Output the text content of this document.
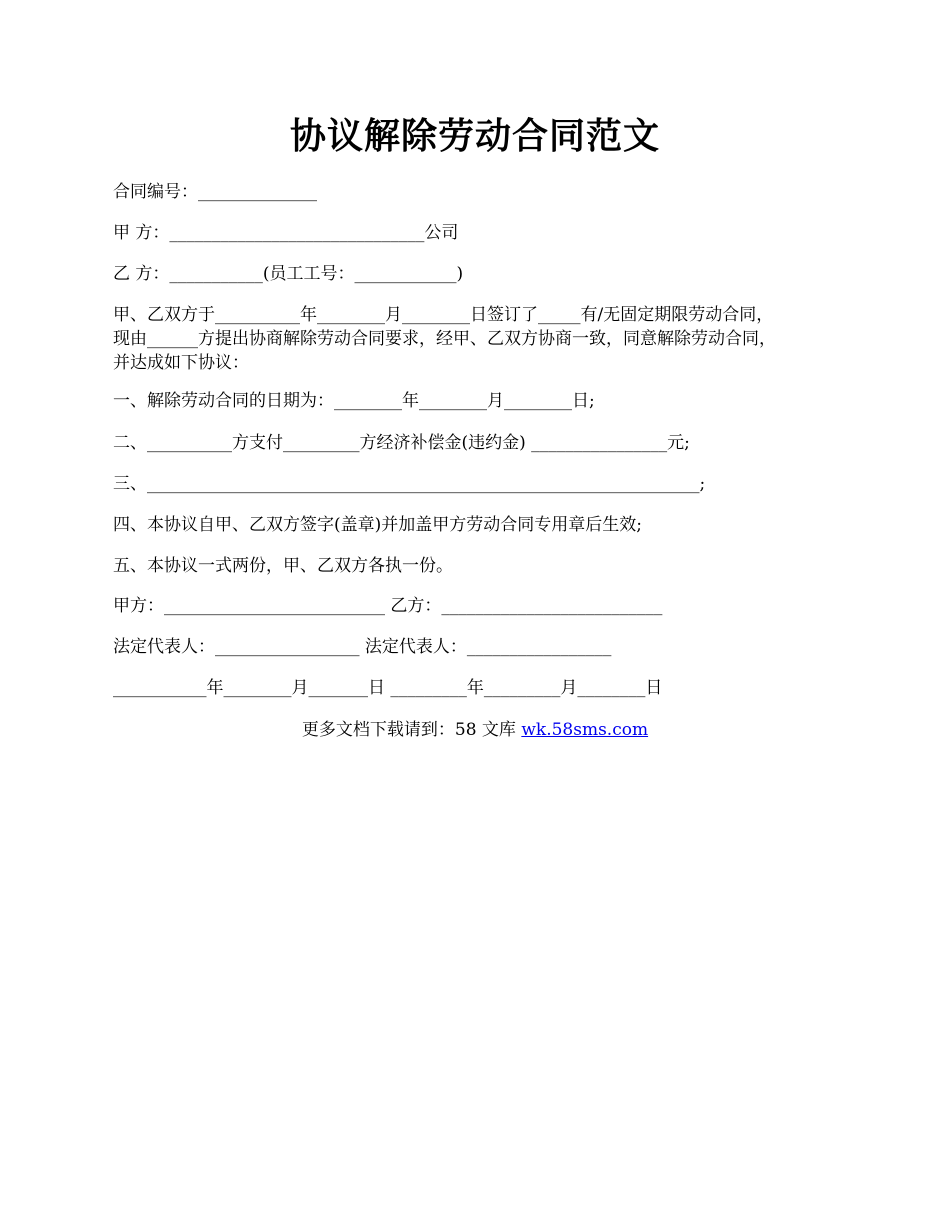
协议解除劳动合同范文
合同编号：______________
甲 方：______________________________公司
乙 方：___________(员工工号：____________)
甲、乙双方于__________年________月________日签订了_____有/无固定期限劳动合同，
现由______方提出协商解除劳动合同要求，经甲、乙双方协商一致，同意解除劳动合同，
并达成如下协议：
一、解除劳动合同的日期为：________年________月________日;
二、__________方支付_________方经济补偿金(违约金) ________________元;
三、_________________________________________________________________;
四、本协议自甲、乙双方签字(盖章)并加盖甲方劳动合同专用章后生效;
五、本协议一式两份，甲、乙双方各执一份。
甲方：__________________________ 乙方：__________________________
法定代表人：_________________ 法定代表人：_________________
___________年________月_______日 _________年_________月________日
更多文档下载请到：58 文库 wk.58sms.com
